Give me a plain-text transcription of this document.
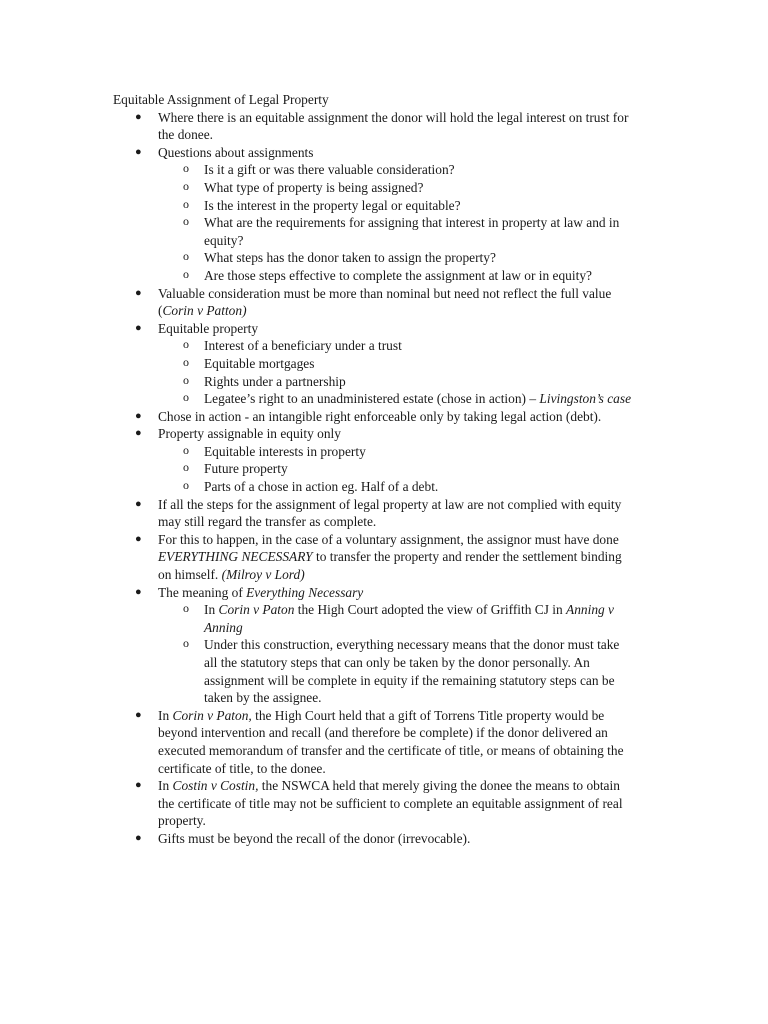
Equitable Assignment of Legal Property

● Where there is an equitable assignment the donor will hold the legal interest on trust for the donee.
● Questions about assignments
o Is it a gift or was there valuable consideration?
o What type of property is being assigned?
o Is the interest in the property legal or equitable?
o What are the requirements for assigning that interest in property at law and in equity?
o What steps has the donor taken to assign the property?
o Are those steps effective to complete the assignment at law or in equity?
● Valuable consideration must be more than nominal but need not reflect the full value (Corin v Patton)
● Equitable property
o Interest of a beneficiary under a trust
o Equitable mortgages
o Rights under a partnership
o Legatee’s right to an unadministered estate (chose in action) – Livingston’s case
● Chose in action - an intangible right enforceable only by taking legal action (debt).
● Property assignable in equity only
o Equitable interests in property
o Future property
o Parts of a chose in action eg. Half of a debt.
● If all the steps for the assignment of legal property at law are not complied with equity may still regard the transfer as complete.
● For this to happen, in the case of a voluntary assignment, the assignor must have done EVERYTHING NECESSARY to transfer the property and render the settlement binding on himself. (Milroy v Lord)
● The meaning of Everything Necessary
o In Corin v Paton the High Court adopted the view of Griffith CJ in Anning v Anning
o Under this construction, everything necessary means that the donor must take all the statutory steps that can only be taken by the donor personally. An assignment will be complete in equity if the remaining statutory steps can be taken by the assignee.
● In Corin v Paton, the High Court held that a gift of Torrens Title property would be beyond intervention and recall (and therefore be complete) if the donor delivered an executed memorandum of transfer and the certificate of title, or means of obtaining the certificate of title, to the donee.
● In Costin v Costin, the NSWCA held that merely giving the donee the means to obtain the certificate of title may not be sufficient to complete an equitable assignment of real property.
● Gifts must be beyond the recall of the donor (irrevocable).
